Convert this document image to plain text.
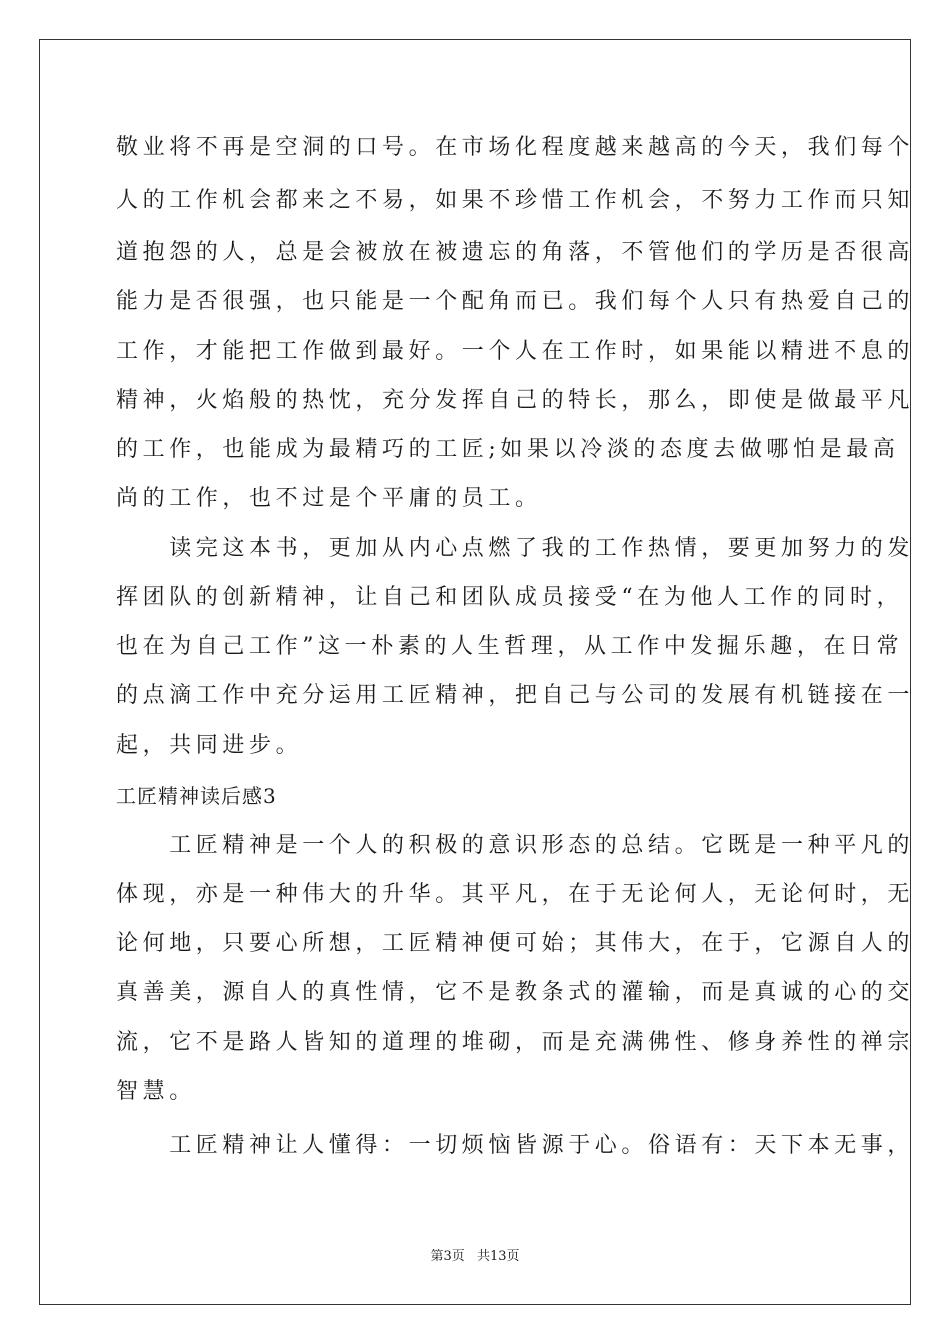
敬业将不再是空洞的口号。在市场化程度越来越高的今天，我们每个
人的工作机会都来之不易，如果不珍惜工作机会，不努力工作而只知
道抱怨的人，总是会被放在被遗忘的角落，不管他们的学历是否很高
能力是否很强，也只能是一个配角而已。我们每个人只有热爱自己的
工作，才能把工作做到最好。一个人在工作时，如果能以精进不息的
精神，火焰般的热忱，充分发挥自己的特长，那么，即使是做最平凡
的工作，也能成为最精巧的工匠;如果以冷淡的态度去做哪怕是最高
尚的工作，也不过是个平庸的员工。
　　读完这本书，更加从内心点燃了我的工作热情，要更加努力的发
挥团队的创新精神，让自己和团队成员接受“在为他人工作的同时，
也在为自己工作”这一朴素的人生哲理，从工作中发掘乐趣，在日常
的点滴工作中充分运用工匠精神，把自己与公司的发展有机链接在一
起，共同进步。
工匠精神读后感3
　　工匠精神是一个人的积极的意识形态的总结。它既是一种平凡的
体现，亦是一种伟大的升华。其平凡，在于无论何人，无论何时，无
论何地，只要心所想，工匠精神便可始；其伟大，在于，它源自人的
真善美，源自人的真性情，它不是教条式的灌输，而是真诚的心的交
流，它不是路人皆知的道理的堆砌，而是充满佛性、修身养性的禅宗
智慧。
　　工匠精神让人懂得：一切烦恼皆源于心。俗语有：天下本无事，
第3页 共13页
